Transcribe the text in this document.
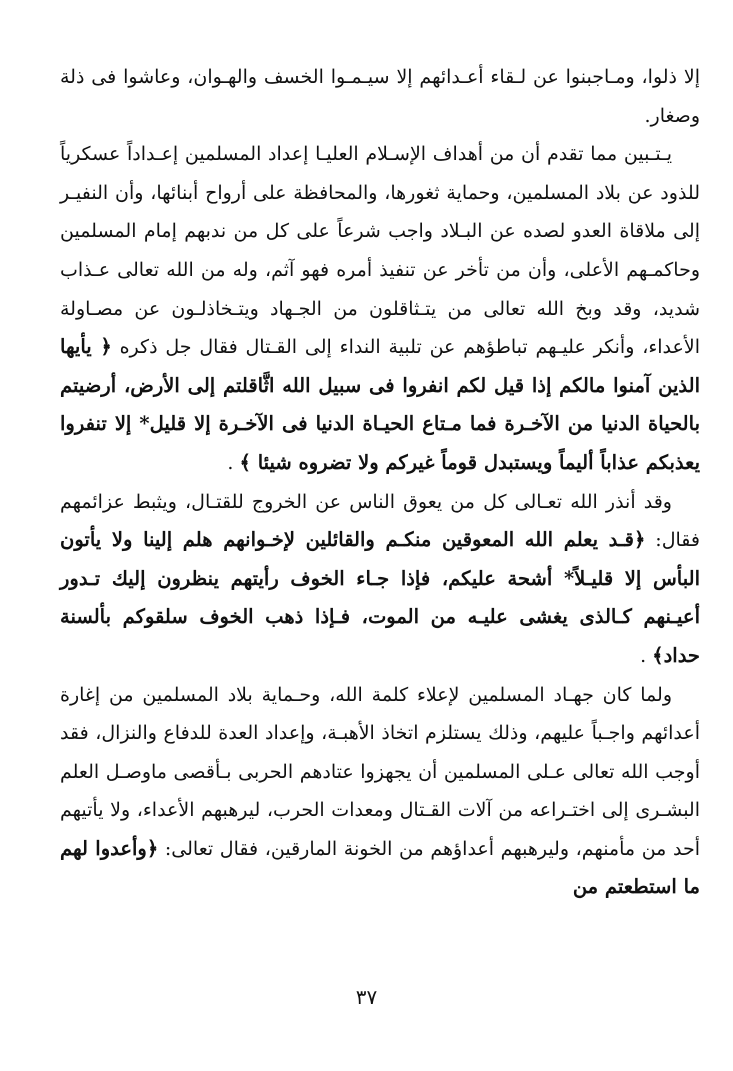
إلا ذلوا، ومـاجبنوا عن لـقاء أعـدائهم إلا سيـمـوا الخسف والهـوان، وعاشوا فى ذلة وصغار.

يـتـبين مما تقدم أن من أهداف الإسـلام العليـا إعداد المسلمين إعـداداً عسكرياً للذود عن بلاد المسلمين، وحماية ثغورها، والمحافظة على أرواح أبنائها، وأن النفيـر إلى ملاقاة العدو لصده عن البـلاد واجب شرعاً على كل من ندبهم إمام المسلمين وحاكمـهم الأعلى، وأن من تأخر عن تنفيذ أمره فهو آثم، وله من الله تعالى عـذاب شديد، وقد وبخ الله تعالى من يتـثاقلون من الجـهاد ويتـخاذلـون عن مصـاولة الأعداء، وأنكر عليـهم تباطؤهم عن تلبية النداء إلى القـتال فقال جل ذكره ﴿ يأيها الذين آمنوا مالكم إذا قيل لكم انفروا فى سبيل الله اثَّاقلتم إلى الأرض، أرضيتم بالحياة الدنيا من الآخـرة فما مـتاع الحيـاة الدنيا فى الآخـرة إلا قليل* إلا تنفروا يعذبكم عذاباً أليماً ويستبدل قوماً غيركم ولا تضروه شيئا ﴾ .

وقد أنذر الله تعـالى كل من يعوق الناس عن الخروج للقتـال، ويثبط عزائمهم فقال: ﴿قـد يعلم الله المعوقين منكـم والقائلين لإخـوانهم هلم إلينا ولا يأتون البأس إلا قليـلاً* أشحة عليكم، فإذا جـاء الخوف رأيتهم ينظرون إليك تـدور أعيـنهم كـالذى يغشى عليـه من الموت، فـإذا ذهب الخوف سلقوكم بألسنة حداد﴾ .

ولما كان جهـاد المسلمين لإعلاء كلمة الله، وحـماية بلاد المسلمين من إغارة أعدائهم واجـباً عليهم، وذلك يستلزم اتخاذ الأهبـة، وإعداد العدة للدفاع والنزال، فقد أوجب الله تعالى عـلى المسلمين أن يجهزوا عتادهم الحربى بـأقصى ماوصـل العلم البشـرى إلى اختـراعه من آلات القـتال ومعدات الحرب، ليرهبهم الأعداء، ولا يأتيهم أحد من مأمنهم، وليرهبهم أعداؤهم من الخونة المارقين، فقال تعالى: ﴿وأعدوا لهم ما استطعتم من

٣٧
